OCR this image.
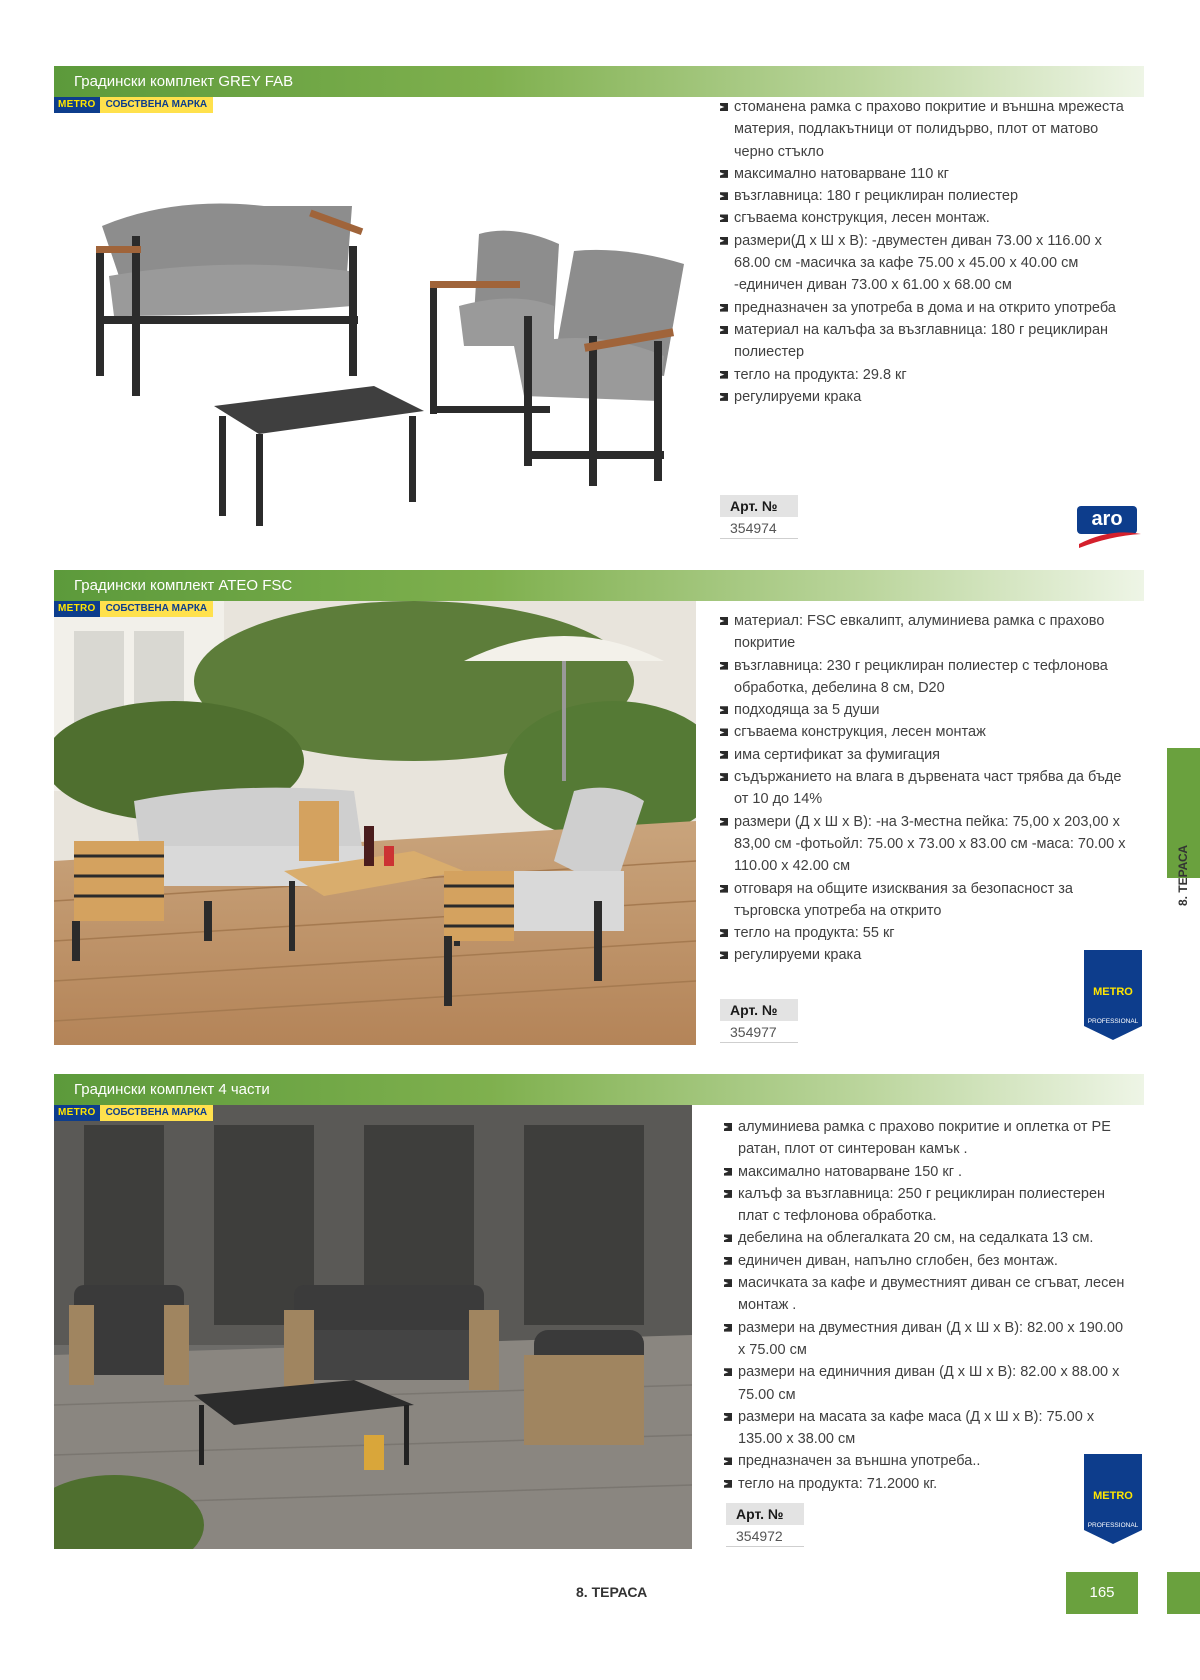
Градински комплект GREY FAB
METRO	СОБСТВЕНА МАРКА	стоманена рамка с прахово покритие и външна мрежеста материя, подлакътници от полидърво, плот от матово черно стъкло
максимално натоварване 110 кг
възглавница: 180 г рециклиран полиестер
сгъваема конструкция, лесен монтаж.
размери(Д х Ш х В): -двуместен диван 73.00 х 116.00 х 68.00 см -масичка за кафе 75.00 х 45.00 х 40.00 см -единичен диван 73.00 х 61.00 х 68.00 см
предназначен за употреба в дома и на открито употреба
материал на калъфа за възглавница: 180 г рециклиран полиестер
тегло на продукта: 29.8 кг
регулируеми крака
Арт. №
354974	aro
Градински комплект ATEO FSC
METRO	СОБСТВЕНА МАРКА
материал: FSC евкалипт, алуминиева рамка с прахово покритие
възглавница: 230 г рециклиран полиестер с тефлонова обработка, дебелина 8 см, D20
подходяща за 5 души
сгъваема конструкция, лесен монтаж
има сертификат за фумигация
съдържанието на влага в дървената част трябва да бъде от 10 до 14%
размери (Д х Ш х В): -на 3-местна пейка: 75,00 х 203,00 х 83,00 см -фотьойл: 75.00 х 73.00 х 83.00 см -маса: 70.00 х 110.00 х 42.00 см
отговаря на общите изисквания за безопасност за търговска употреба на открито
тегло на продукта: 55 кг
регулируеми крака
Арт. №
354977
METRO
PROFESSIONAL
Градински комплект 4 части
METRO	СОБСТВЕНА МАРКА
алуминиева рамка с прахово покритие и оплетка от PE ратан, плот от синтерован камък .
максимално натоварване 150 кг .
калъф за възглавница: 250 г рециклиран полиестерен плат с тефлонова обработка.
дебелина на облегалката 20 см, на седалката 13 см.
единичен диван, напълно сглобен, без монтаж.
масичката за кафе и двуместният диван се сгъват, лесен монтаж .
размери на двуместния диван (Д х Ш х В): 82.00 х 190.00 х 75.00 см
размери на единичния диван (Д х Ш х В): 82.00 х 88.00 х 75.00 см
размери на масата за кафе маса (Д х Ш х В): 75.00 х 135.00 х 38.00 см
предназначен за външна употреба..
тегло на продукта: 71.2000 кг.
Арт. №
354972
METRO
PROFESSIONAL
8. ТЕРАСА
8. ТЕРАСА	165
